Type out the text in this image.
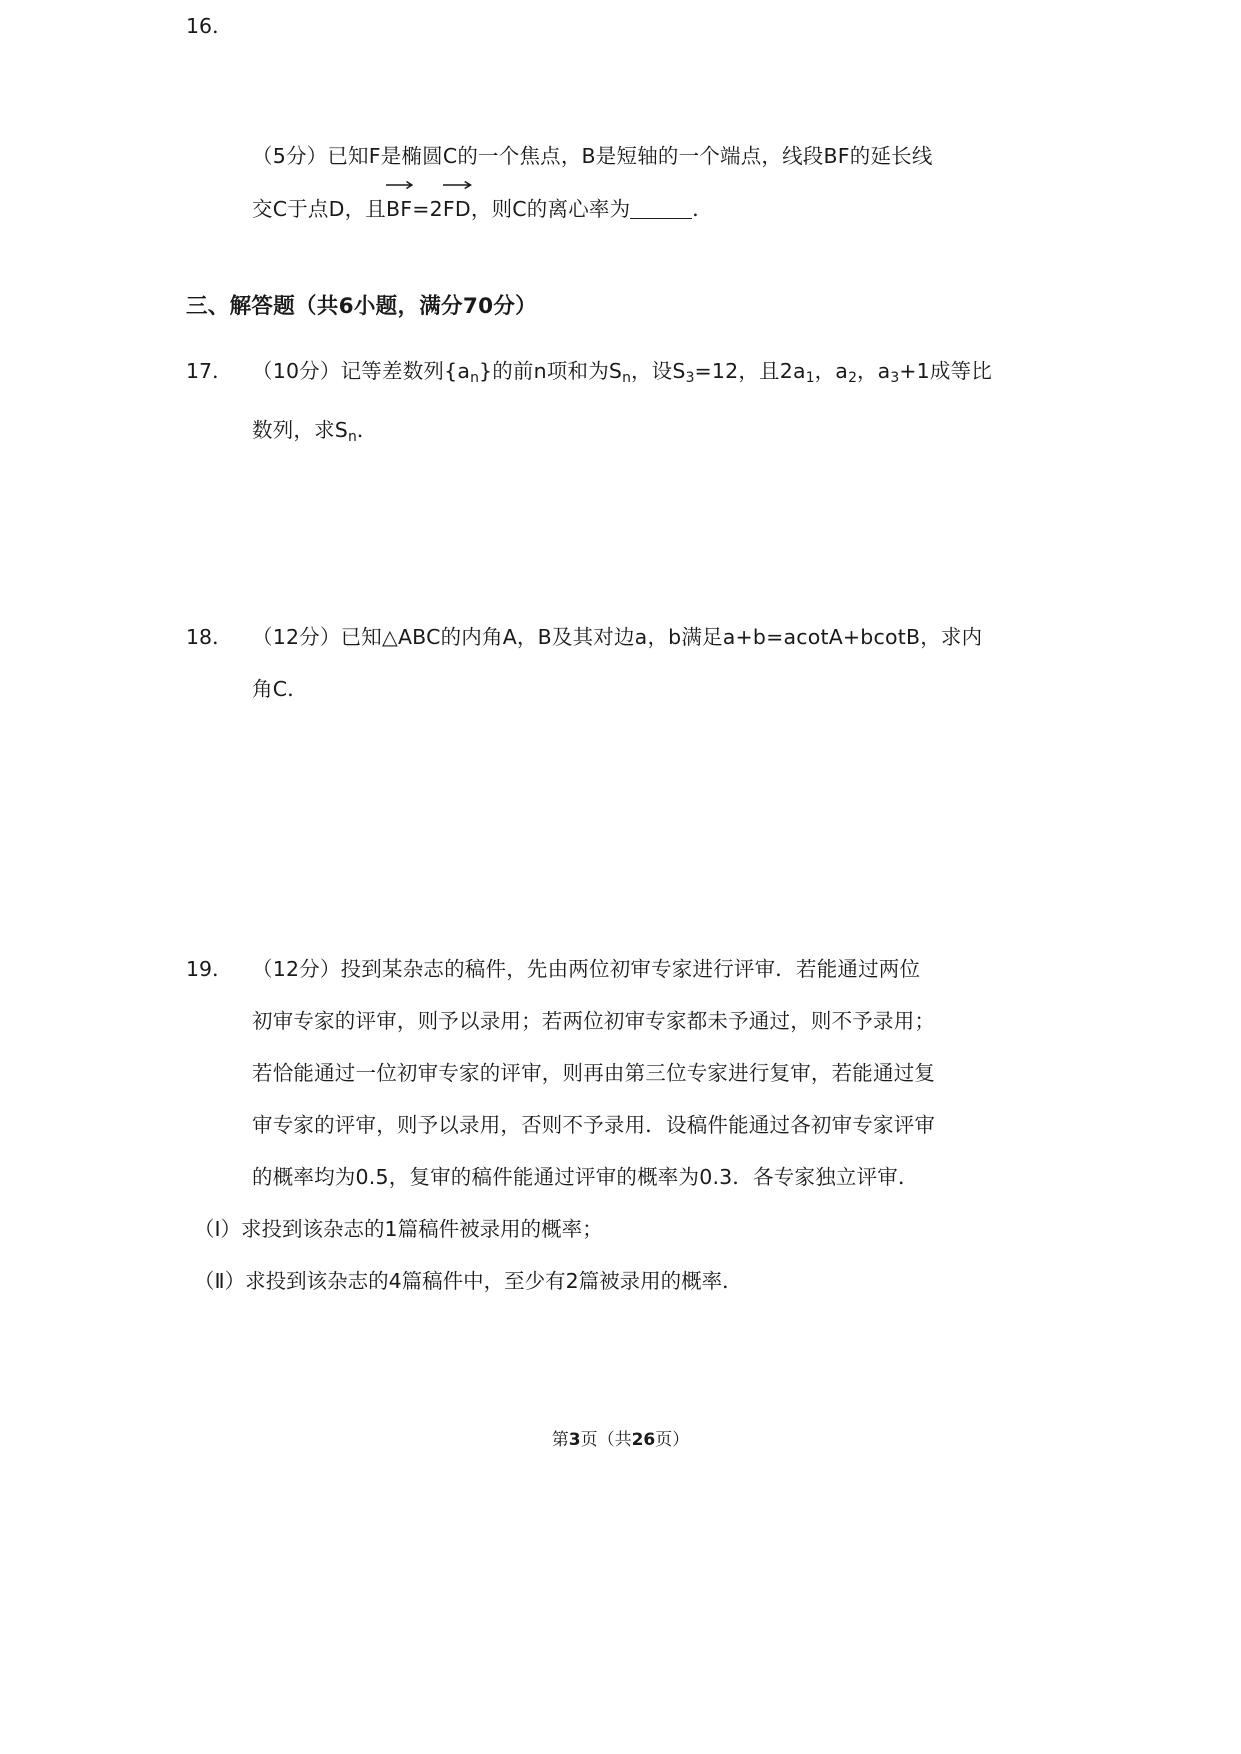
16．
（5分）已知F是椭圆C的一个焦点，B是短轴的一个端点，线段BF的延长线
交C于点D，且
BF=2
FD，则C的离心率为	．
三、解答题（共6小题，满分70分）
17． （10分）记等差数列$\{a_n\}$的前n项和为$S_n$，设$S_3=12$，且$2a_1$，$a_2$，$a_3+1$成等比
数列，求$S_n$．
18． （12分）已知△ABC的内角A，B及其对边a，b满足a+b=acotA+bcotB，求内
角C．
19． （12分）投到某杂志的稿件，先由两位初审专家进行评审．若能通过两位
初审专家的评审，则予以录用；若两位初审专家都未予通过，则不予录用；
若恰能通过一位初审专家的评审，则再由第三位专家进行复审，若能通过复
审专家的评审，则予以录用，否则不予录用．设稿件能通过各初审专家评审
的概率均为0.5，复审的稿件能通过评审的概率为0.3．各专家独立评审．
（Ⅰ）求投到该杂志的1篇稿件被录用的概率；
（Ⅱ）求投到该杂志的4篇稿件中，至少有2篇被录用的概率．
第3页（共26页）
